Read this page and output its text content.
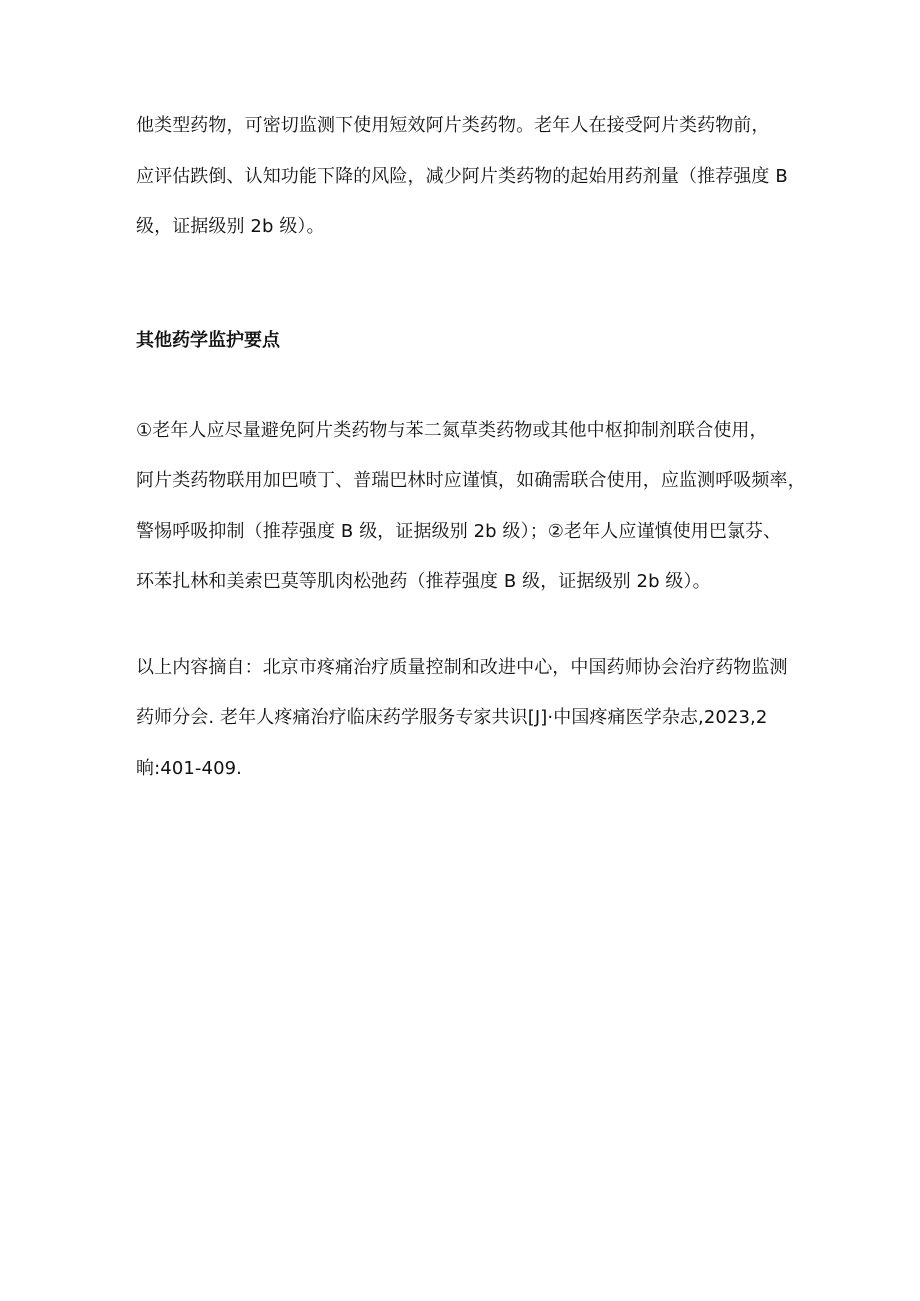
他类型药物，可密切监测下使用短效阿片类药物。老年人在接受阿片类药物前，
应评估跌倒、认知功能下降的风险，减少阿片类药物的起始用药剂量（推荐强度 B
级，证据级别 2b 级）。
其他药学监护要点
①老年人应尽量避免阿片类药物与苯二氮草类药物或其他中枢抑制剂联合使用，
阿片类药物联用加巴喷丁、普瑞巴林时应谨慎，如确需联合使用，应监测呼吸频率，
警惕呼吸抑制（推荐强度 B 级，证据级别 2b 级）；②老年人应谨慎使用巴氯芬、
环苯扎林和美索巴莫等肌肉松弛药（推荐强度 B 级，证据级别 2b 级）。
以上内容摘自：北京市疼痛治疗质量控制和改进中心，中国药师协会治疗药物监测
药师分会. 老年人疼痛治疗临床药学服务专家共识[J]·中国疼痛医学杂志,2023,2
晌:401-409.
